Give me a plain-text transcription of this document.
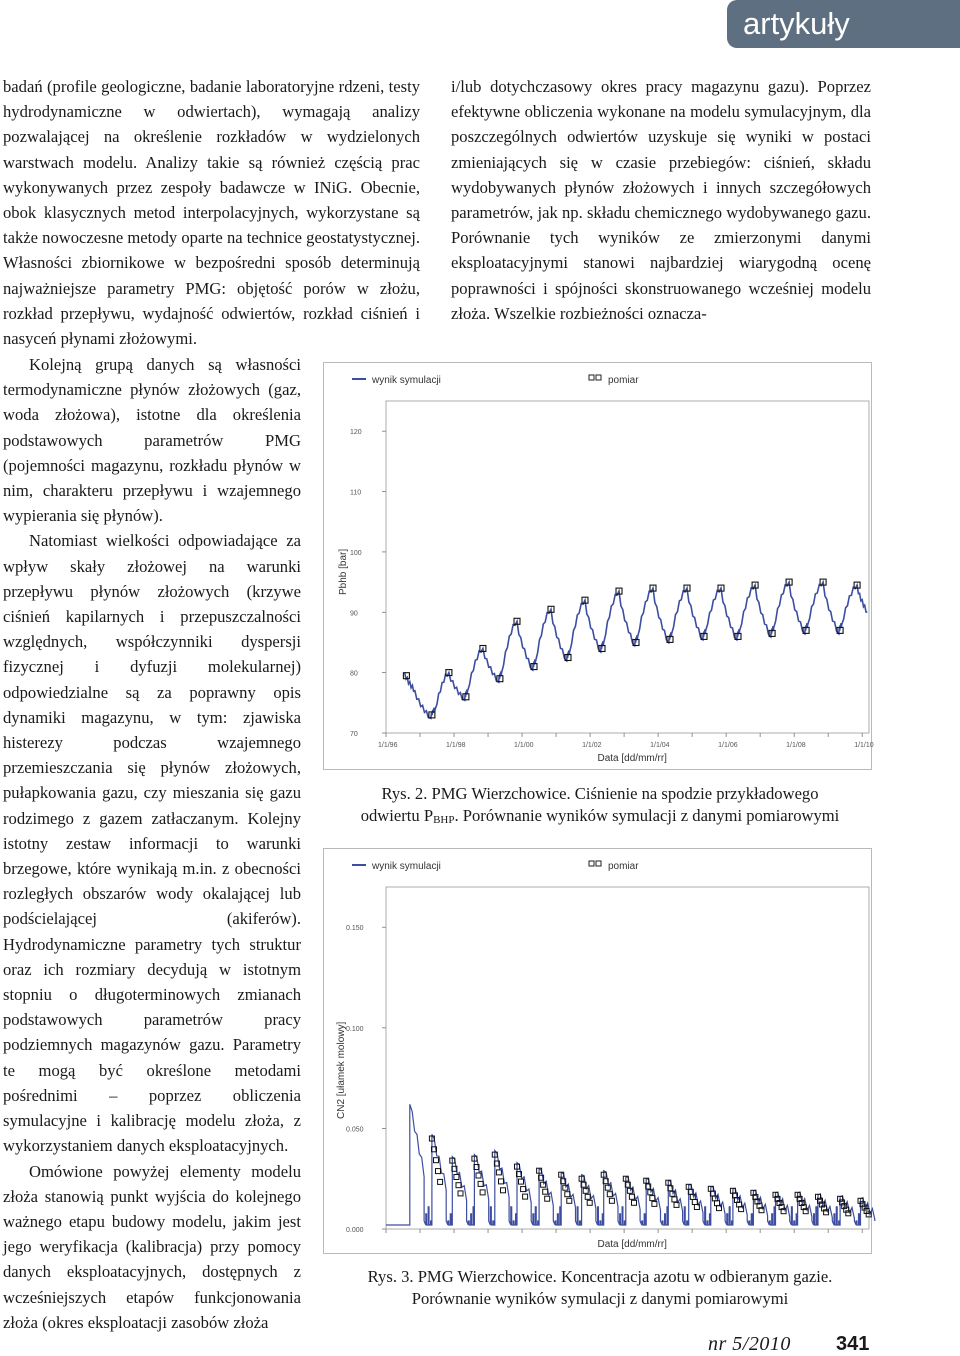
artykuły

badań (profile geologiczne, badanie laboratoryjne rdzeni, testy hydrodynamiczne w odwiertach), wymagają analizy pozwalającej na określenie rozkładów w wydzielonych warstwach modelu. Analizy takie są również częścią prac wykonywanych przez zespoły badawcze w INiG. Obecnie, obok klasycznych metod interpolacyjnych, wykorzystane są także nowoczesne metody oparte na technice geostatystycznej. Własności zbiornikowe w bezpośredni sposób determinują najważniejsze parametry PMG: objętość porów w złożu, rozkład przepływu, wydajność odwiertów, rozkład ciśnień i nasyceń płynami złożowymi.

Kolejną grupą danych są własności termodynamiczne płynów złożowych (gaz, woda złożowa), istotne dla określenia podstawowych parametrów PMG (pojemności magazynu, rozkładu płynów w nim, charakteru przepływu i wzajemnego wypierania się płynów).

Natomiast wielkości odpowiadające za wpływ skały złożowej na warunki przepływu płynów złożowych (krzywe ciśnień kapilarnych i przepuszczalności względnych, współczynniki dyspersji fizycznej i dyfuzji molekularnej) odpowiedzialne są za poprawny opis dynamiki magazynu, w tym: zjawiska histerezy podczas wzajemnego przemieszczania się płynów złożowych, pułapkowania gazu, czy mieszania się gazu rodzimego z gazem zatłaczanym. Kolejny istotny zestaw informacji to warunki brzegowe, które wynikają m.in. z obecności rozległych obszarów wody okalającej lub podścielającej (akiferów). Hydrodynamiczne parametry tych struktur oraz ich rozmiary decydują w istotnym stopniu o długoterminowych zmianach podstawowych parametrów pracy podziemnych magazynów gazu. Parametry te mogą być określone metodami pośrednimi – poprzez obliczenia symulacyjne i kalibrację modelu złoża, z wykorzystaniem danych eksploatacyjnych.

Omówione powyżej elementy modelu złoża stanowią punkt wyjścia do kolejnego ważnego etapu budowy modelu, jakim jest jego weryfikacja (kalibracja) przy pomocy danych eksploatacyjnych, dostępnych z wcześniejszych etapów funkcjonowania złoża (okres eksploatacji zasobów złoża

i/lub dotychczasowy okres pracy magazynu gazu). Poprzez efektywne obliczenia wykonane na modelu symulacyjnym, dla poszczególnych odwiertów uzyskuje się wyniki w postaci zmieniających się w czasie przebiegów: ciśnień, składu wydobywanych płynów złożowych i innych szczegółowych parametrów, jak np. składu chemicznego wydobywanego gazu. Porównanie tych wyników ze zmierzonymi danymi eksploatacyjnymi stanowi najbardziej wiarygodną ocenę poprawności i spójności skonstruowanego wcześniej modelu złoża. Wszelkie rozbieżności oznacza-

wynik symulacji	pomiar
70
80
90
100
110
120
1/1/96	1/1/98	1/1/00	1/1/02	1/1/04	1/1/06	1/1/08	1/1/10
Data [dd/mm/rr]
Pbhb [bar]
Rys. 2. PMG Wierzchowice. Ciśnienie na spodzie przykładowego
odwiertu PBHP. Porównanie wyników symulacji z danymi pomiarowymi
wynik symulacji	pomiar
0.000
0.050
0.100
0.150
Data [dd/mm/rr]
CN2 [ułamek molowy]
Rys. 3. PMG Wierzchowice. Koncentracja azotu w odbieranym gazie.
Porównanie wyników symulacji z danymi pomiarowymi
nr 5/2010 341
